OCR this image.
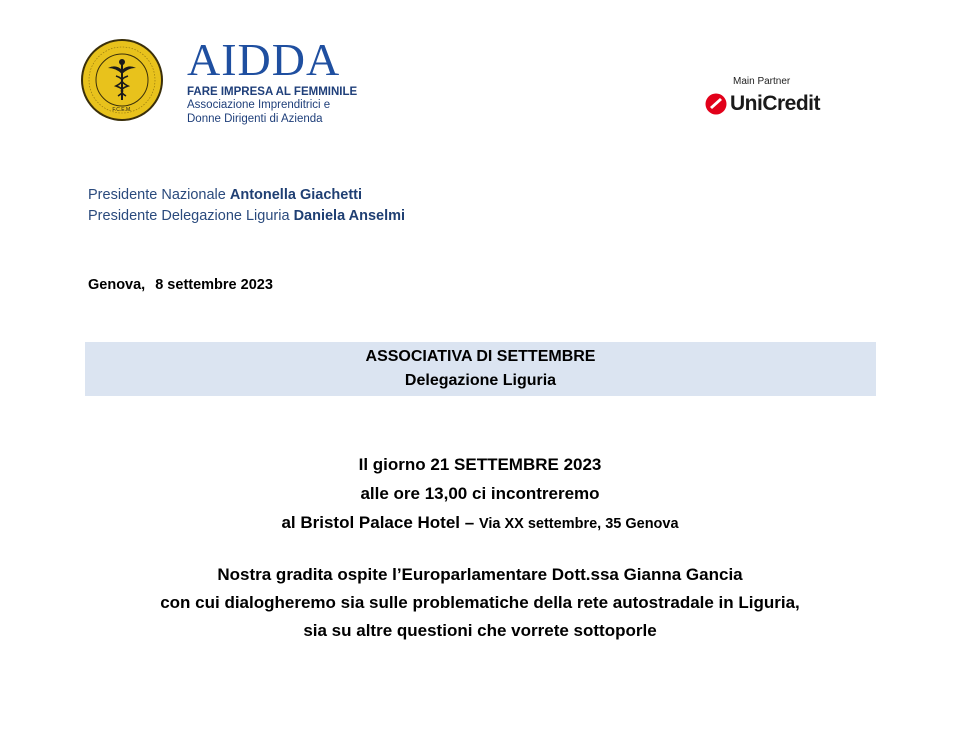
F.C.E.M.
AIDDA
FARE IMPRESA AL FEMMINILE
Associazione Imprenditrici e
Donne Dirigenti di Azienda
Main Partner
UniCredit
Presidente Nazionale Antonella Giachetti
Presidente Delegazione Liguria Daniela Anselmi
Genova, 8 settembre 2023
ASSOCIATIVA DI SETTEMBRE
Delegazione Liguria
Il giorno 21 SETTEMBRE 2023
alle ore 13,00 ci incontreremo
al Bristol Palace Hotel – Via XX settembre, 35 Genova
Nostra gradita ospite l’Europarlamentare Dott.ssa Gianna Gancia
con cui dialogheremo sia sulle problematiche della rete autostradale in Liguria,
sia su altre questioni che vorrete sottoporle
